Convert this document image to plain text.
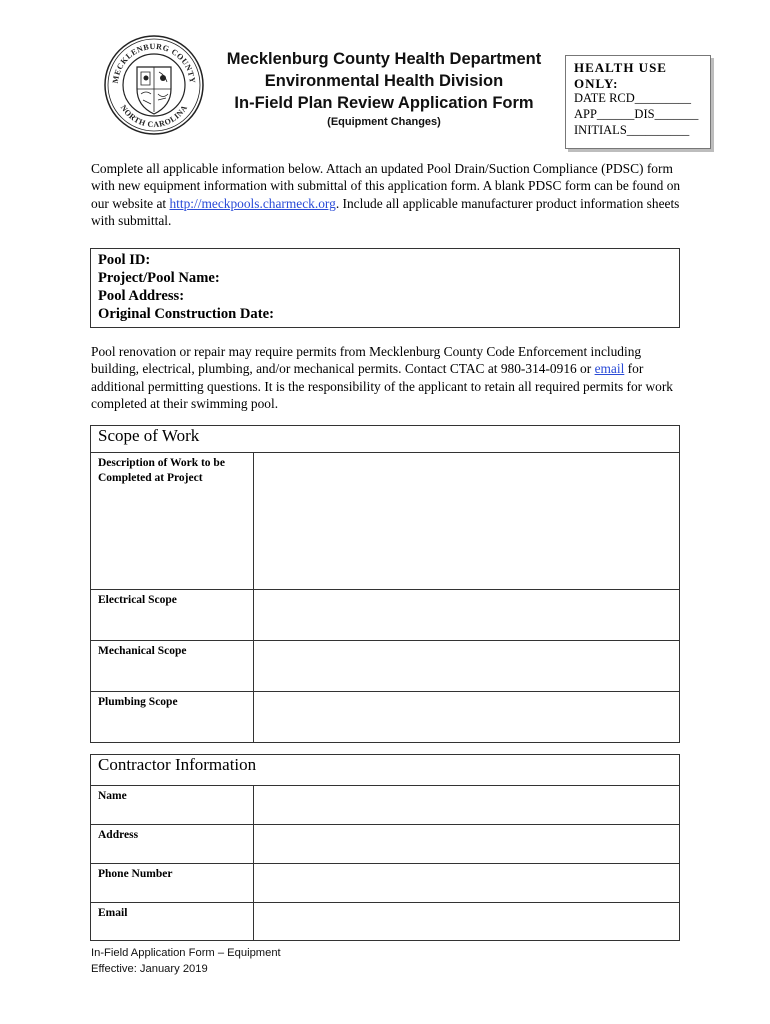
MECKLENBURG COUNTY
NORTH CAROLINA
Mecklenburg County Health Department
Environmental Health Division
In-Field Plan Review Application Form
(Equipment Changes)
HEALTH USE ONLY:
DATE RCD_________
APP______DIS_______
INITIALS__________
Complete all applicable information below. Attach an updated Pool Drain/Suction Compliance (PDSC) form with new equipment information with submittal of this application form. A blank PDSC form can be found on our website at http://meckpools.charmeck.org. Include all applicable manufacturer product information sheets with submittal.
Pool ID:
Project/Pool Name:
Pool Address:
Original Construction Date:
Pool renovation or repair may require permits from Mecklenburg County Code Enforcement including building, electrical, plumbing, and/or mechanical permits. Contact CTAC at 980-314-0916 or email for additional permitting questions. It is the responsibility of the applicant to retain all required permits for work completed at their swimming pool.
Scope of Work	
Description of Work to be Completed at Project	
Electrical Scope	
Mechanical Scope	
Plumbing Scope	
Contractor Information	
Name	
Address	
Phone Number	
Email	
In-Field Application Form – Equipment
Effective: January 2019
